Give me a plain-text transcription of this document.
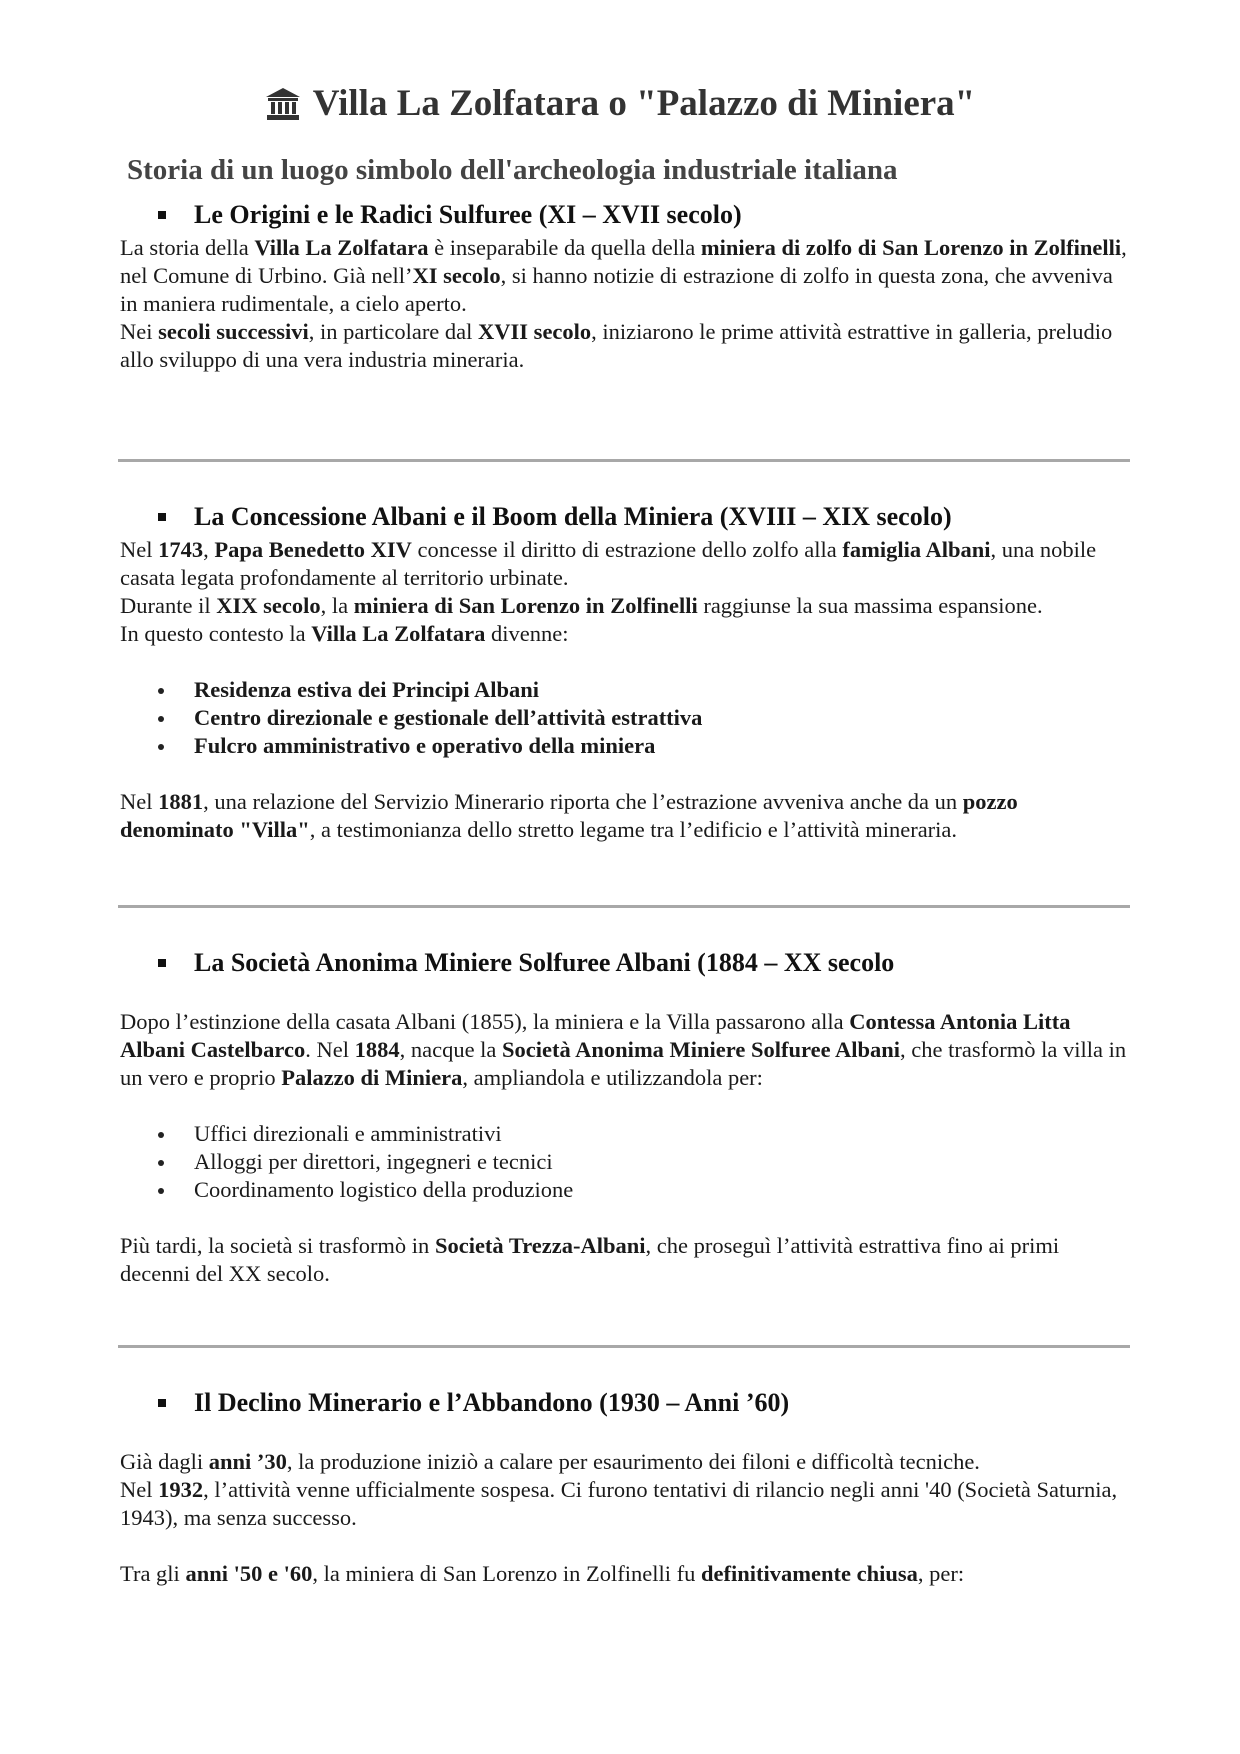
Villa La Zolfatara o "Palazzo di Miniera"
Storia di un luogo simbolo dell'archeologia industriale italiana
Le Origini e le Radici Sulfuree (XI – XVII secolo)

La storia della Villa La Zolfatara è inseparabile da quella della miniera di zolfo di San Lorenzo in Zolfinelli, nel Comune di Urbino. Già nell’XI secolo, si hanno notizie di estrazione di zolfo in questa zona, che avveniva in maniera rudimentale, a cielo aperto.

Nei secoli successivi, in particolare dal XVII secolo, iniziarono le prime attività estrattive in galleria, preludio allo sviluppo di una vera industria mineraria.

La Concessione Albani e il Boom della Miniera (XVIII – XIX secolo)

Nel 1743, Papa Benedetto XIV concesse il diritto di estrazione dello zolfo alla famiglia Albani, una nobile casata legata profondamente al territorio urbinate.

Durante il XIX secolo, la miniera di San Lorenzo in Zolfinelli raggiunse la sua massima espansione.

In questo contesto la Villa La Zolfatara divenne:

Residenza estiva dei Principi Albani
Centro direzionale e gestionale dell’attività estrattiva
Fulcro amministrativo e operativo della miniera

Nel 1881, una relazione del Servizio Minerario riporta che l’estrazione avveniva anche da un pozzo denominato "Villa", a testimonianza dello stretto legame tra l’edificio e l’attività mineraria.

La Società Anonima Miniere Solfuree Albani (1884 – XX secolo

Dopo l’estinzione della casata Albani (1855), la miniera e la Villa passarono alla Contessa Antonia Litta Albani Castelbarco. Nel 1884, nacque la Società Anonima Miniere Solfuree Albani, che trasformò la villa in un vero e proprio Palazzo di Miniera, ampliandola e utilizzandola per:

Uffici direzionali e amministrativi
Alloggi per direttori, ingegneri e tecnici
Coordinamento logistico della produzione

Più tardi, la società si trasformò in Società Trezza-Albani, che proseguì l’attività estrattiva fino ai primi decenni del XX secolo.

Il Declino Minerario e l’Abbandono (1930 – Anni ’60)

Già dagli anni ’30, la produzione iniziò a calare per esaurimento dei filoni e difficoltà tecniche.

Nel 1932, l’attività venne ufficialmente sospesa. Ci furono tentativi di rilancio negli anni '40 (Società Saturnia, 1943), ma senza successo.

Tra gli anni '50 e '60, la miniera di San Lorenzo in Zolfinelli fu definitivamente chiusa, per:
